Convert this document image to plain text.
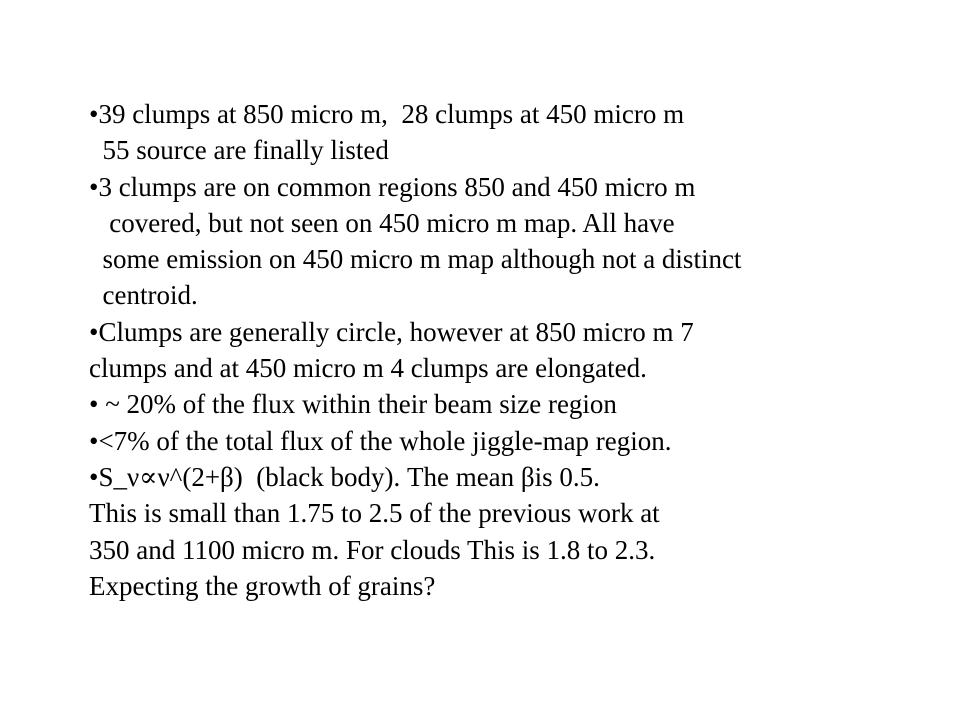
•39 clumps at 850 micro m,  28 clumps at 450 micro m
55 source are finally listed
•3 clumps are on common regions 850 and 450 micro m
covered, but not seen on 450 micro m map. All have
some emission on 450 micro m map although not a distinct
centroid.
•Clumps are generally circle, however at 850 micro m 7
clumps and at 450 micro m 4 clumps are elongated.
• ~ 20% of the flux within their beam size region
•<7% of the total flux of the whole jiggle-map region.
•S_ν∝ν^(2+β)  (black body). The mean βis 0.5.
This is small than 1.75 to 2.5 of the previous work at
350 and 1100 micro m. For clouds This is 1.8 to 2.3.
Expecting the growth of grains?
